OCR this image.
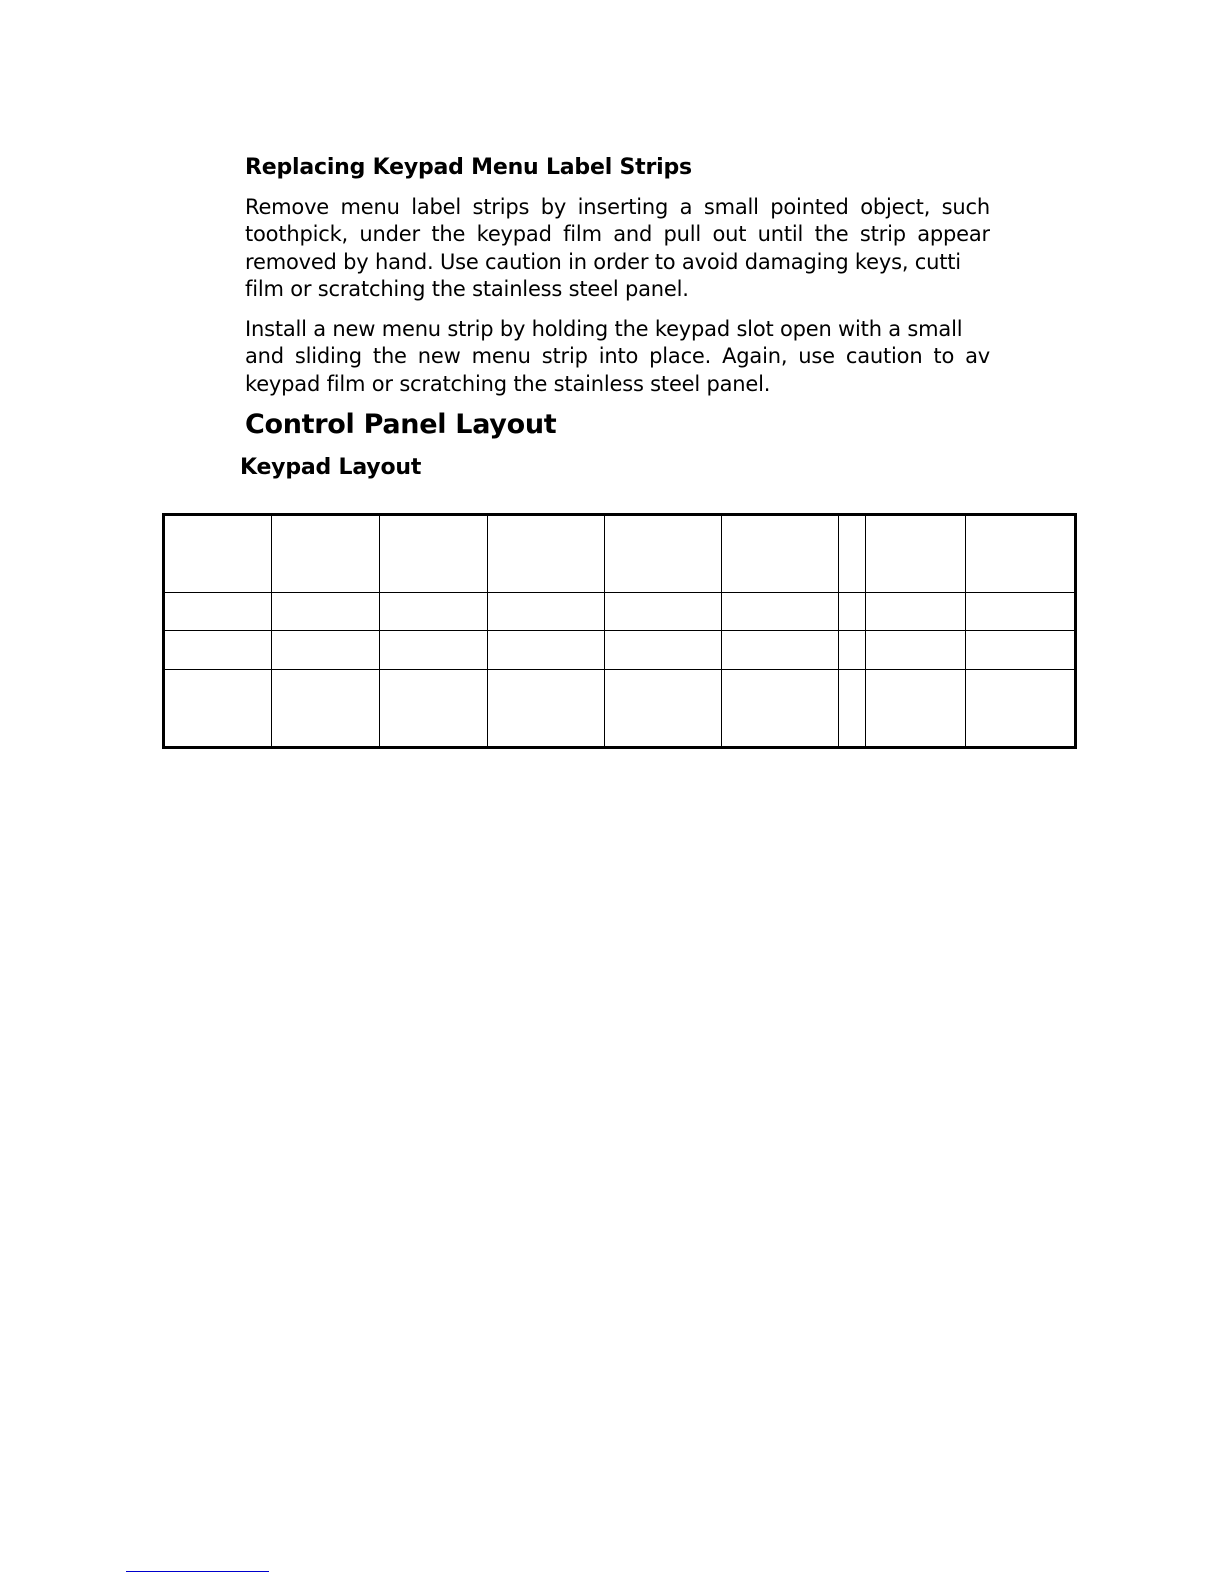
Replacing Keypad Menu Label Strips

Remove menu label strips by inserting a small pointed object, such
toothpick, under the keypad film and pull out until the strip appear
removed by hand. Use caution in order to avoid damaging keys, cutti
film or scratching the stainless steel panel.

Install a new menu strip by holding the keypad slot open with a small
and sliding the new menu strip into place. Again, use caution to av
keypad film or scratching the stainless steel panel.

Control Panel Layout
Keypad Layout
